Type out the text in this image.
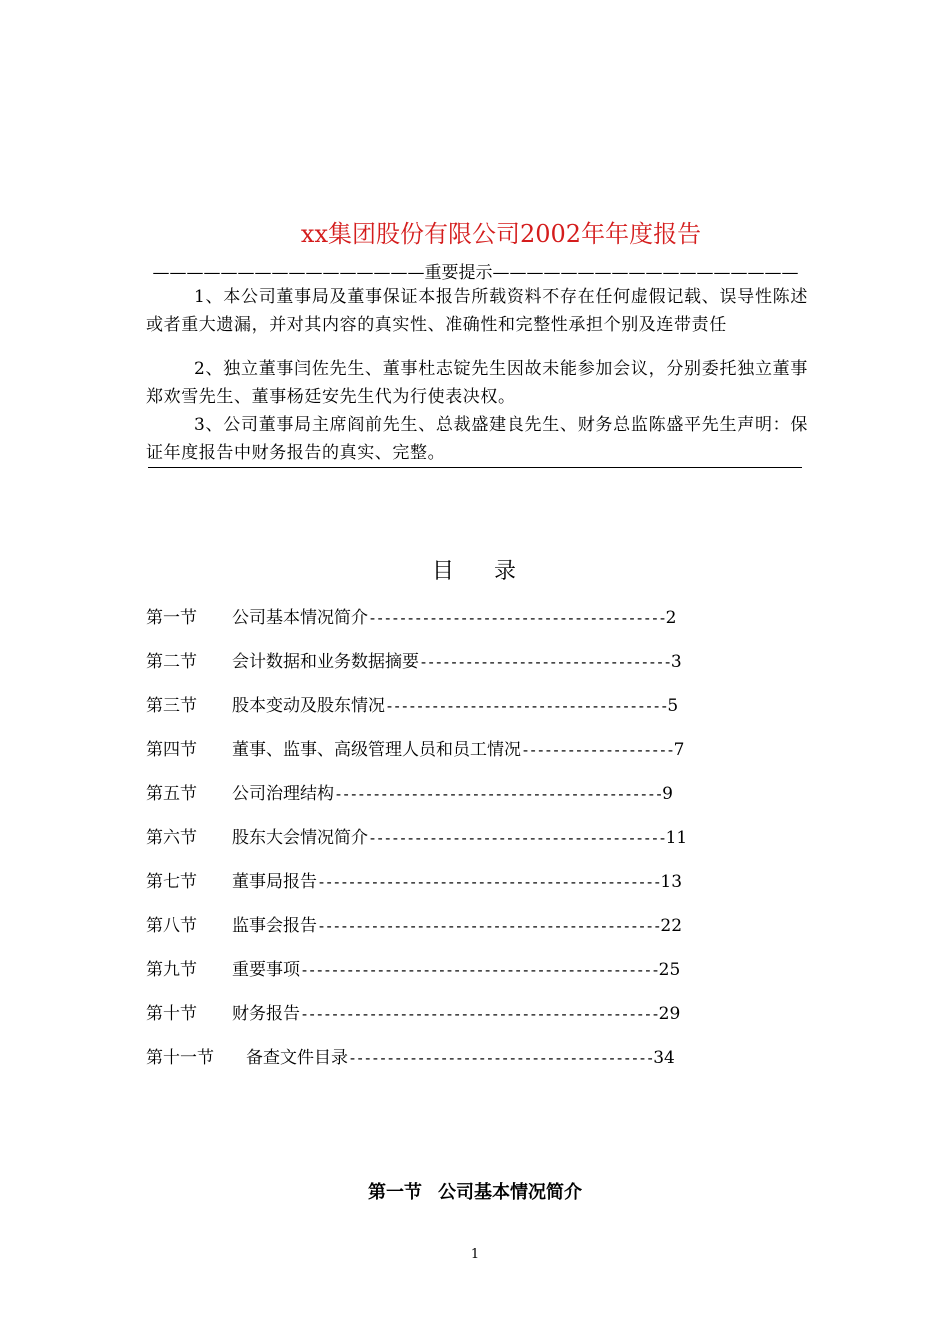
xx集团股份有限公司2002年年度报告
————————————————重要提示——————————————————
1、本公司董事局及董事保证本报告所载资料不存在任何虚假记载、误导性陈述或者重大遗漏，并对其内容的真实性、准确性和完整性承担个别及连带责任
2、独立董事闫佐先生、董事杜志锭先生因故未能参加会议，分别委托独立董事郑欢雪先生、董事杨廷安先生代为行使表决权。
3、公司董事局主席阎前先生、总裁盛建良先生、财务总监陈盛平先生声明：保证年度报告中财务报告的真实、完整。
目录
第一节 公司基本情况简介---------------------------------------2
第二节 会计数据和业务数据摘要---------------------------------3
第三节 股本变动及股东情况-------------------------------------5
第四节 董事、监事、高级管理人员和员工情况--------------------7
第五节 公司治理结构-------------------------------------------9
第六节 股东大会情况简介---------------------------------------11
第七节 董事局报告---------------------------------------------13
第八节 监事会报告---------------------------------------------22
第九节 重要事项-----------------------------------------------25
第十节 财务报告-----------------------------------------------29
第十一节 备查文件目录----------------------------------------34
第一节 公司基本情况简介
1
